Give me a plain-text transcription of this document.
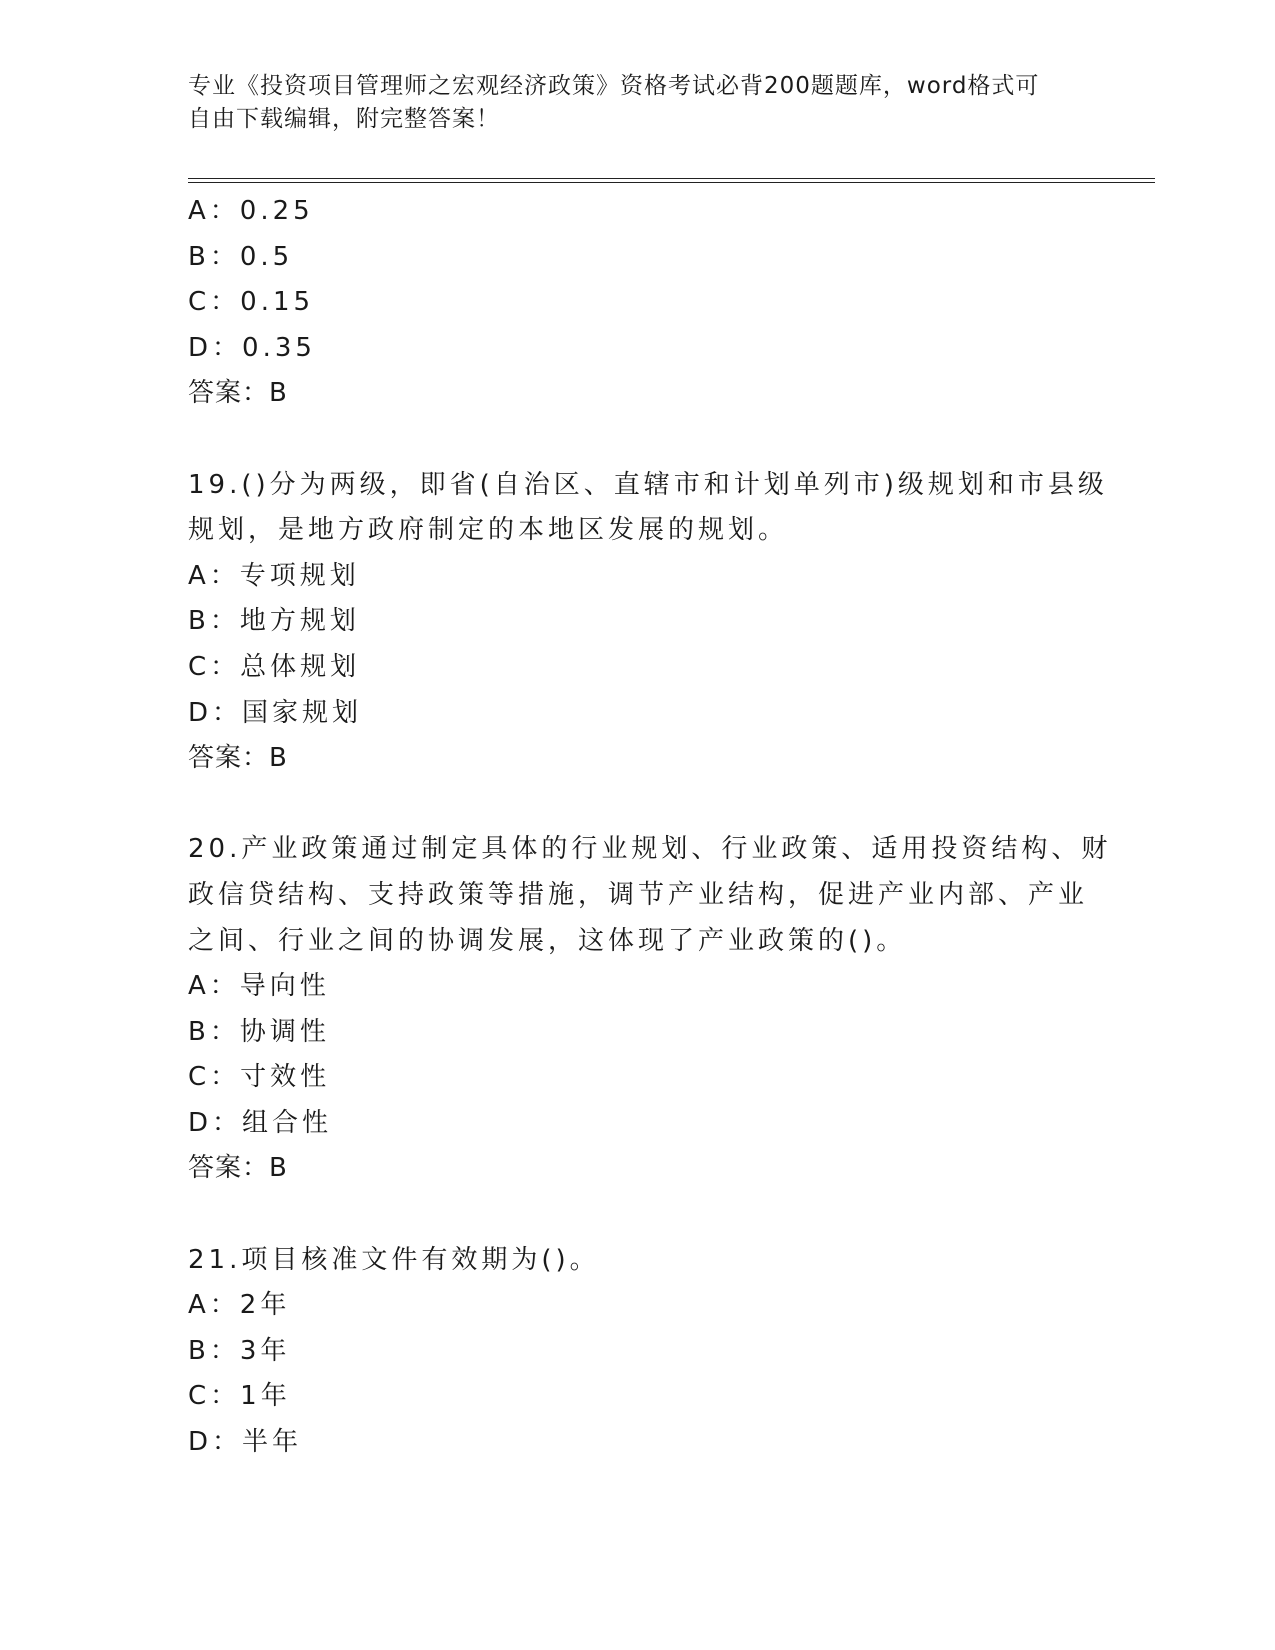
专业《投资项目管理师之宏观经济政策》资格考试必背200题题库，word格式可
自由下载编辑，附完整答案！
A：0.25
B：0.5
C：0.15
D：0.35
答案：B
19.()分为两级，即省(自治区、直辖市和计划单列市)级规划和市县级
规划，是地方政府制定的本地区发展的规划。
A：专项规划
B：地方规划
C：总体规划
D：国家规划
答案：B
20.产业政策通过制定具体的行业规划、行业政策、适用投资结构、财
政信贷结构、支持政策等措施，调节产业结构，促进产业内部、产业
之间、行业之间的协调发展，这体现了产业政策的()。
A：导向性
B：协调性
C：寸效性
D：组合性
答案：B
21.项目核准文件有效期为()。
A：2年
B：3年
C：1年
D：半年
